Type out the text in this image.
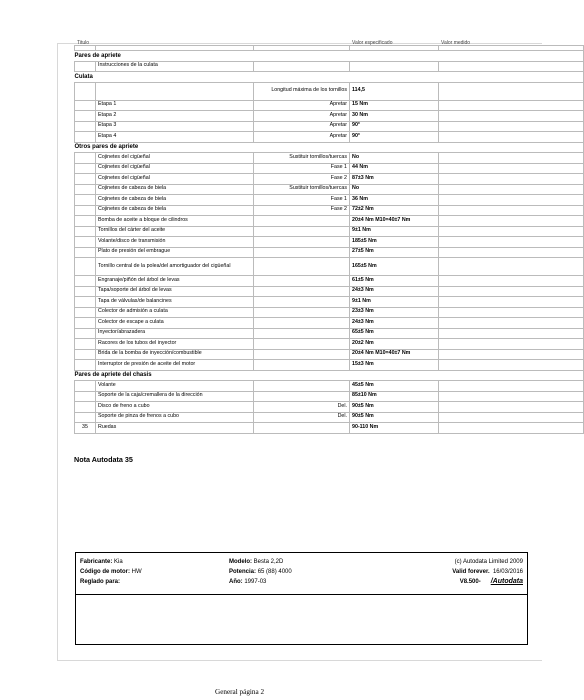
Titulo			Valor especificado	Valor medido

Pares de apriete				
	Instrucciones de la culata			
Culata				
		Longitud máxima de los tornillos	114,5	
	Etapa 1	Apretar	15 Nm	
	Etapa 2	Apretar	30 Nm	
	Etapa 3	Apretar	90°	
	Etapa 4	Apretar	90°	
Otros pares de apriete				
	Cojinetes del cigüeñal	Sustituir tornillos/tuercas	No	
	Cojinetes del cigüeñal	Fase 1	44 Nm	
	Cojinetes del cigüeñal	Fase 2	87±3 Nm	
	Cojinetes de cabeza de biela	Sustituir tornillos/tuercas	No	
	Cojinetes de cabeza de biela	Fase 1	36 Nm	
	Cojinetes de cabeza de biela	Fase 2	72±2 Nm	
	Bomba de aceite a bloque de cilindros		20±4 Nm M10=40±7 Nm	
	Tornillos del cárter del aceite		9±1 Nm	
	Volante/disco de transmisión		185±5 Nm	
	Plato de presión del embrague		27±5 Nm	
	Tornillo central de la polea/del amortiguador del cigüeñal		165±5 Nm	
	Engranaje/piñón del árbol de levas		61±5 Nm	
	Tapa/soporte del árbol de levas		24±3 Nm	
	Tapa de válvulas/de balancines		9±1 Nm	
	Colector de admisión a culata		23±3 Nm	
	Colector de escape a culata		24±3 Nm	
	Inyector/abrazadera		65±5 Nm	
	Racores de los tubos del inyector		20±2 Nm	
	Brida de la bomba de inyección/combustible		20±4 Nm M10=40±7 Nm	
	Interruptor de presión de aceite del motor		15±3 Nm	
Pares de apriete del chasis				
	Volante		45±5 Nm	
	Soporte de la caja/cremallera de la dirección		85±10 Nm	
	Disco de freno a cubo	Del.	90±5 Nm	
	Soporte de pinza de frenos a cubo	Del.	90±5 Nm	
35	Ruedas		90-110 Nm	
Nota Autodata 35
Fabricante: Kia
Código de motor: HW
Reglado para:
Modelo: Besta 2,2D
Potencia: 65 (88) 4000
Año: 1997-03
(c) Autodata Limited 2009
Valid forever. 16/03/2016
V8.500- /Autodata
General página 2
